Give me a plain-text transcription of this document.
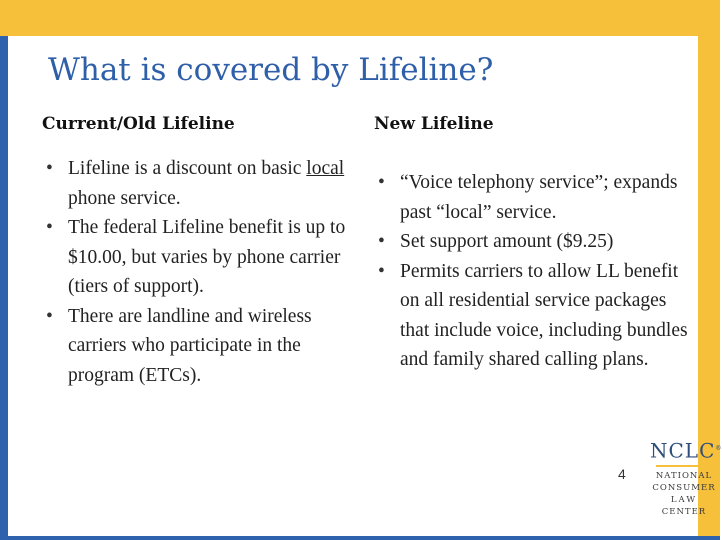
What is covered by Lifeline?
Current/Old Lifeline	New Lifeline
• Lifeline is a discount on basic local phone service.
• The federal Lifeline benefit is up to $10.00, but varies by phone carrier (tiers of support).
• There are landline and wireless carriers who participate in the program (ETCs).
• “Voice telephony service”; expands past “local” service.
• Set support amount ($9.25)
• Permits carriers to allow LL benefit on all residential service packages that include voice, including bundles and family shared calling plans.
4
NCLC®
NATIONAL
CONSUMER
LAW
CENTER
